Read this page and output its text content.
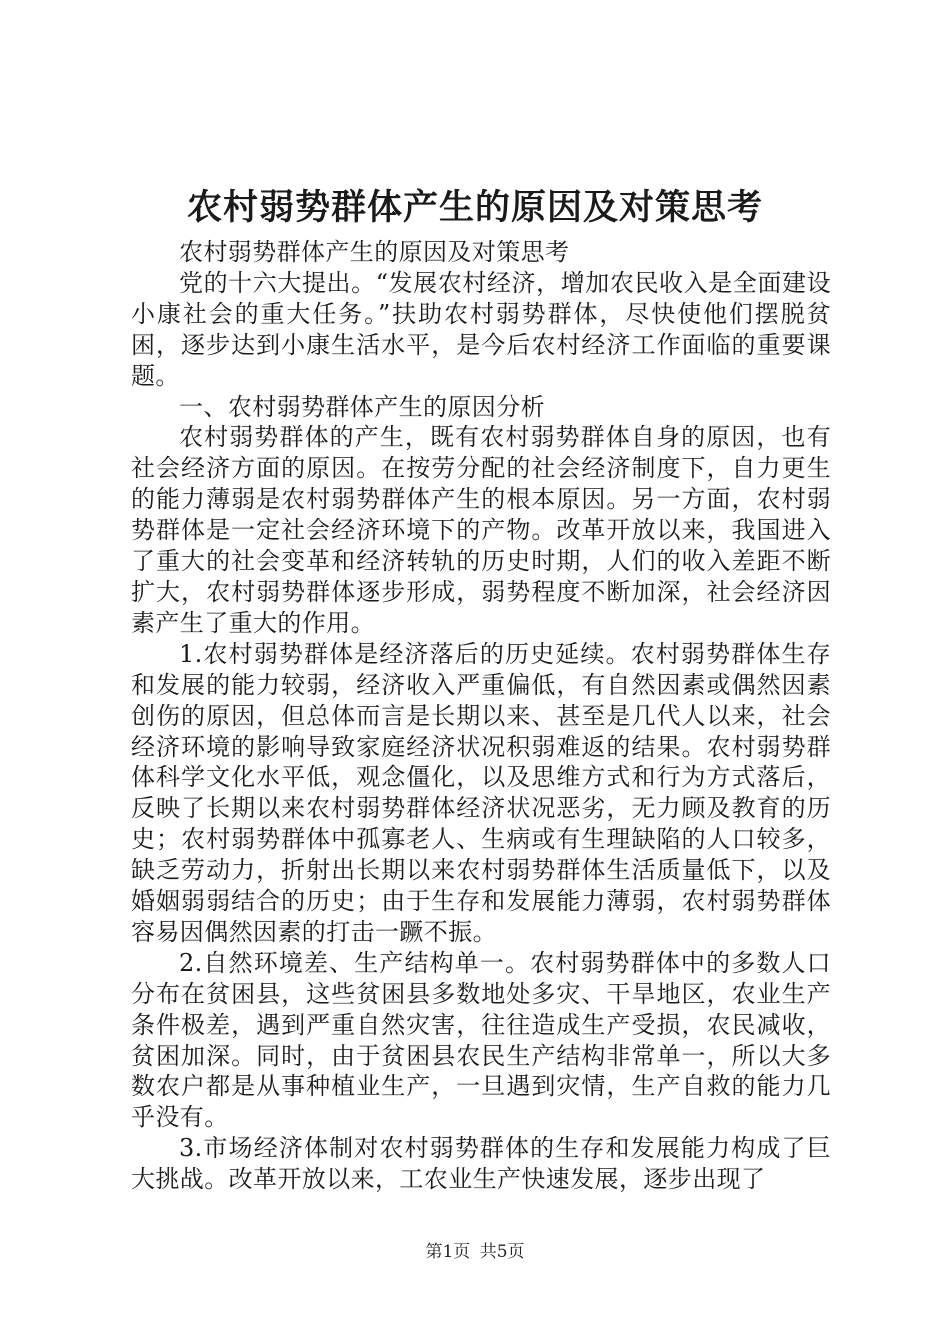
农村弱势群体产生的原因及对策思考

农村弱势群体产生的原因及对策思考

党的十六大提出。“发展农村经济，增加农民收入是全面建设小康社会的重大任务。”扶助农村弱势群体，尽快使他们摆脱贫困，逐步达到小康生活水平，是今后农村经济工作面临的重要课题。

一、农村弱势群体产生的原因分析

农村弱势群体的产生，既有农村弱势群体自身的原因，也有社会经济方面的原因。在按劳分配的社会经济制度下，自力更生的能力薄弱是农村弱势群体产生的根本原因。另一方面，农村弱势群体是一定社会经济环境下的产物。改革开放以来，我国进入了重大的社会变革和经济转轨的历史时期，人们的收入差距不断扩大，农村弱势群体逐步形成，弱势程度不断加深，社会经济因素产生了重大的作用。

1.农村弱势群体是经济落后的历史延续。农村弱势群体生存和发展的能力较弱，经济收入严重偏低，有自然因素或偶然因素创伤的原因，但总体而言是长期以来、甚至是几代人以来，社会经济环境的影响导致家庭经济状况积弱难返的结果。农村弱势群体科学文化水平低，观念僵化，以及思维方式和行为方式落后，反映了长期以来农村弱势群体经济状况恶劣，无力顾及教育的历史；农村弱势群体中孤寡老人、生病或有生理缺陷的人口较多，缺乏劳动力，折射出长期以来农村弱势群体生活质量低下，以及婚姻弱弱结合的历史；由于生存和发展能力薄弱，农村弱势群体容易因偶然因素的打击一蹶不振。

2.自然环境差、生产结构单一。农村弱势群体中的多数人口分布在贫困县，这些贫困县多数地处多灾、干旱地区，农业生产条件极差，遇到严重自然灾害，往往造成生产受损，农民减收，贫困加深。同时，由于贫困县农民生产结构非常单一，所以大多数农户都是从事种植业生产，一旦遇到灾情，生产自救的能力几乎没有。

3.市场经济体制对农村弱势群体的生存和发展能力构成了巨大挑战。改革开放以来，工农业生产快速发展，逐步出现了

第1页 共5页
